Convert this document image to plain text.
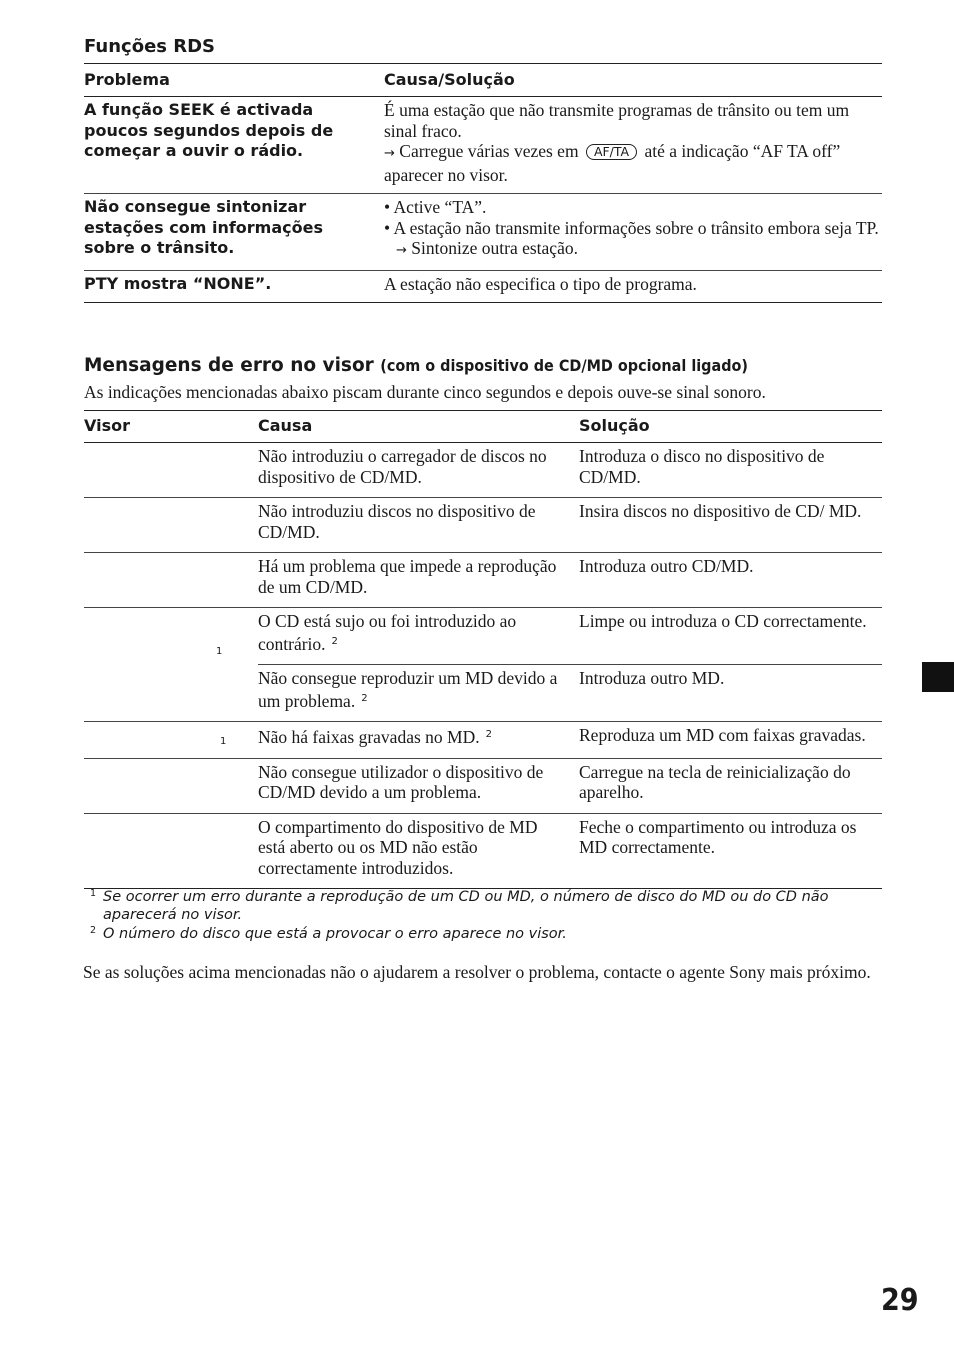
Funções RDS
Problema	Causa/Solução
A função SEEK é activada poucos segundos depois de começar a ouvir o rádio.	É uma estação que não transmite programas de trânsito ou tem um sinal fraco.
→ Carregue várias vezes em AF/TA até a indicação “AF TA off” aparecer no visor.
Não consegue sintonizar estações com informações sobre o trânsito.	• Active “TA”.
• A estação não transmite informações sobre o trânsito embora seja TP. → Sintonize outra estação.

PTY mostra “NONE”.	A estação não especifica o tipo de programa.
Mensagens de erro no visor (com o dispositivo de CD/MD opcional ligado)
As indicações mencionadas abaixo piscam durante cinco segundos e depois ouve-se sinal sonoro.
Visor	Causa	Solução
	Não introduziu o carregador de discos no dispositivo de CD/MD.	Introduza o disco no dispositivo de CD/MD.
	Não introduziu discos no dispositivo de CD/MD.	Insira discos no dispositivo de CD/ MD.
	Há um problema que impede a reprodução de um CD/MD.	Introduza outro CD/MD.

1	O CD está sujo ou foi introduzido ao contrário. $^2$	Limpe ou introduza o CD correctamente.
	Não consegue reproduzir um MD devido a um problema. $^2$	Introduza outro MD.

1	Não há faixas gravadas no MD. $^2$	Reproduza um MD com faixas gravadas.
	Não consegue utilizador o dispositivo de CD/MD devido a um problema.	Carregue na tecla de reinicialização do aparelho.
	O compartimento do dispositivo de MD está aberto ou os MD não estão correctamente introduzidos.	Feche o compartimento ou introduza os MD correctamente.
1 Se ocorrer um erro durante a reprodução de um CD ou MD, o número de disco do MD ou do CD não aparecerá no visor.
2 O número do disco que está a provocar o erro aparece no visor.
Se as soluções acima mencionadas não o ajudarem a resolver o problema, contacte o agente Sony mais próximo.
29
